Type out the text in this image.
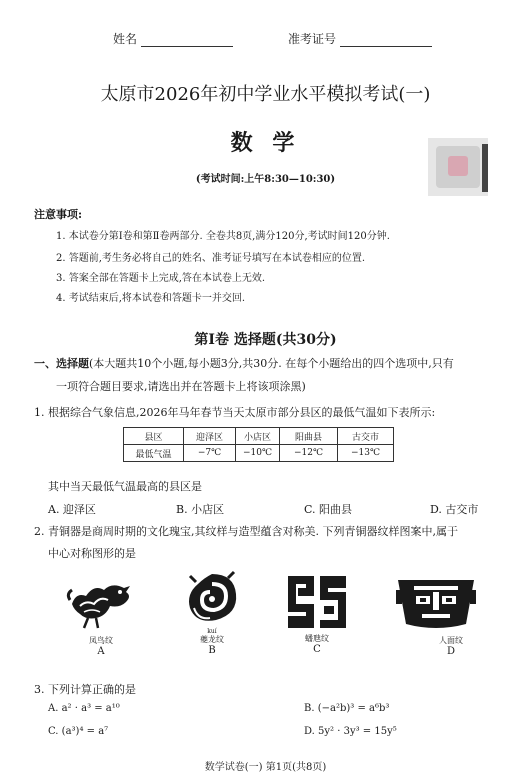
姓名	准考证号
太原市2026年初中学业水平模拟考试(一)
数 学
(考试时间:上午8:30—10:30)
注意事项:
1. 本试卷分第Ⅰ卷和第Ⅱ卷两部分. 全卷共8页,满分120分,考试时间120分钟.
2. 答题前,考生务必将自己的姓名、准考证号填写在本试卷相应的位置.
3. 答案全部在答题卡上完成,答在本试卷上无效.
4. 考试结束后,将本试卷和答题卡一并交回.
第Ⅰ卷 选择题(共30分)
一、选择题(本大题共10个小题,每小题3分,共30分. 在每个小题给出的四个选项中,只有
一项符合题目要求,请选出并在答题卡上将该项涂黑)
1. 根据综合气象信息,2026年马年春节当天太原市部分县区的最低气温如下表所示:
县区	迎泽区	小店区	阳曲县	古交市
最低气温	−7℃	−10℃	−12℃	−13℃
其中当天最低气温最高的县区是
A. 迎泽区	B. 小店区	C. 阳曲县	D. 古交市
2. 青铜器是商周时期的文化瑰宝,其纹样与造型蕴含对称美. 下列青铜器纹样图案中,属于
中心对称图形的是
凤鸟纹
A
kuí
夔龙纹
B
蟠虺纹
C
人面纹
D
3. 下列计算正确的是
A. a² · a³ = a¹⁰	B. (−a²b)³ = a⁶b³
C. (a³)⁴ = a⁷	D. 5y² · 3y³ = 15y⁵
数学试卷(一) 第1页(共8页)
